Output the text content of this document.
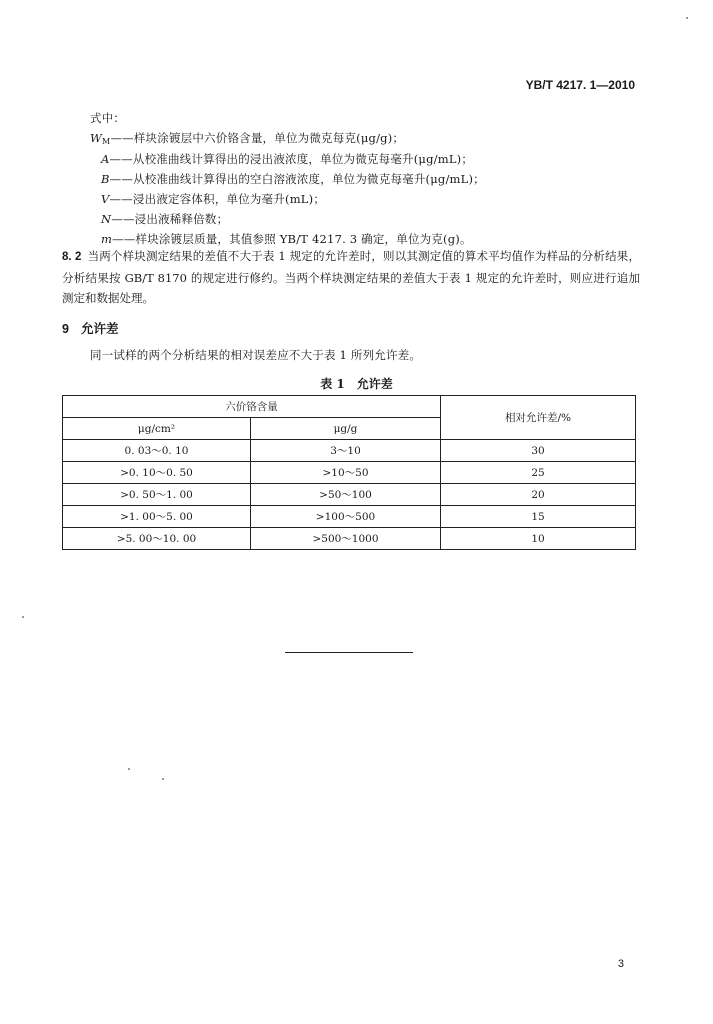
YB/T 4217. 1—2010
式中：
$W_M——$样块涂镀层中六价铬含量，单位为微克每克(μg/g)；
A——从校准曲线计算得出的浸出液浓度，单位为微克每毫升(μg/mL)；
B——从校准曲线计算得出的空白溶液浓度，单位为微克每毫升(μg/mL)；
V——浸出液定容体积，单位为毫升(mL)；
N——浸出液稀释倍数；
m——样块涂镀层质量，其值参照 YB/T 4217. 3 确定，单位为克(g)。
8. 2 当两个样块测定结果的差值不大于表 1 规定的允许差时，则以其测定值的算术平均值作为样品的分析结果，分析结果按 GB/T 8170 的规定进行修约。当两个样块测定结果的差值大于表 1 规定的允许差时，则应进行追加测定和数据处理。
9 允许差
同一试样的两个分析结果的相对误差应不大于表 1 所列允许差。
表 1　允许差
六价铬含量		相对允许差/%
μg/cm²	μg/g	
0. 03～0. 10	3～10	30
>0. 10～0. 50	>10～50	25
>0. 50～1. 00	>50～100	20
>1. 00～5. 00	>100～500	15
>5. 00～10. 00	>500～1000	10
3
